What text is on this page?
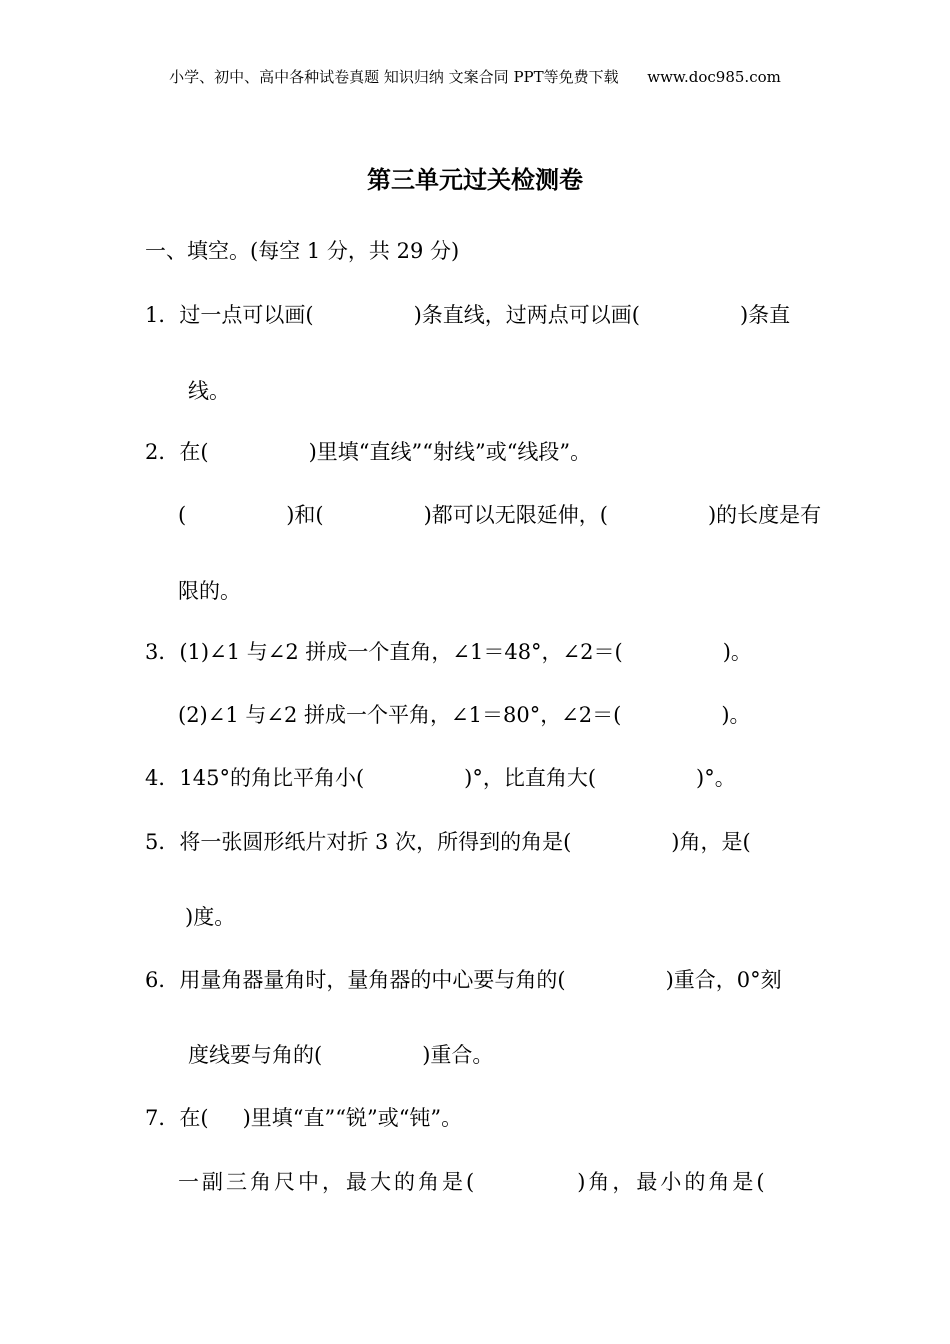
小学、初中、高中各种试卷真题 知识归纳 文案合同 PPT等免费下载 www.doc985.com
第三单元过关检测卷
一、填空。(每空 1 分，共 29 分)
1．过一点可以画(	)条直线，过两点可以画(	)条直
线。
2．在(	)里填“直线”“射线”或“线段”。
(	)和(	)都可以无限延伸，(	)的长度是有
限的。
3．(1)∠1 与∠2 拼成一个直角，∠1＝48°，∠2＝(	)。
(2)∠1 与∠2 拼成一个平角，∠1＝80°，∠2＝(	)。
4．145°的角比平角小(	)°，比直角大(	)°。
5．将一张圆形纸片对折 3 次，所得到的角是(	)角，是(
)度。
6．用量角器量角时，量角器的中心要与角的(	)重合，0°刻
度线要与角的(	)重合。
7．在( )里填“直”“锐”或“钝”。
一副三角尺中，最大的角是(	)角，最小的角是(
